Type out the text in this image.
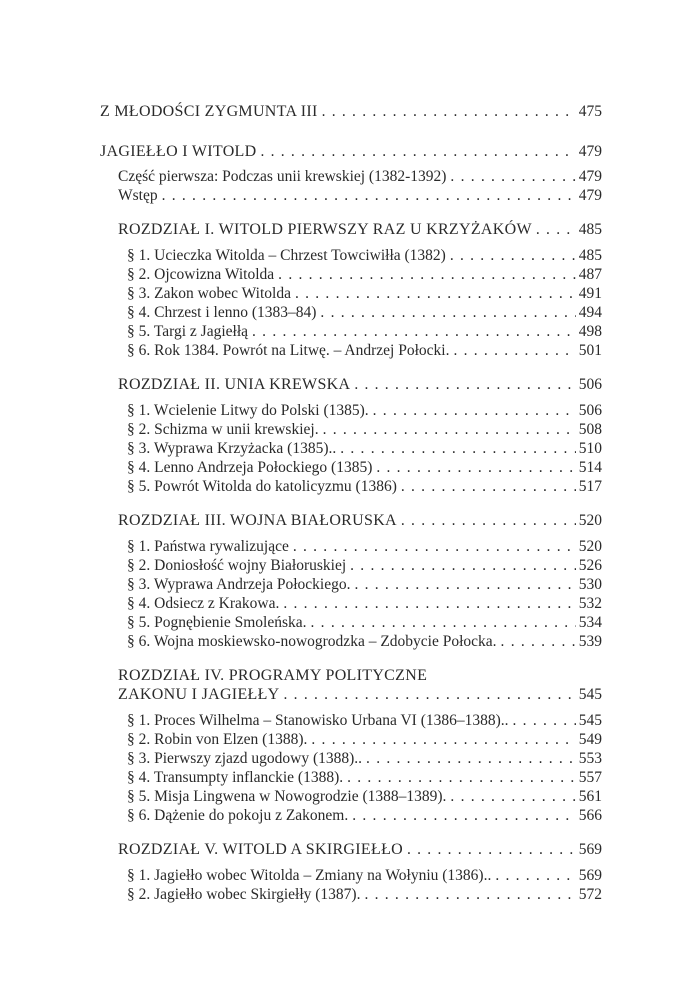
Z MŁODOŚCI ZYGMUNTA III . . .	475
JAGIEŁŁO I WITOLD . . .	479
Część pierwsza: Podczas unii krewskiej (1382-1392) . . .	479
Wstęp . . .	479
ROZDZIAŁ I. WITOLD PIERWSZY RAZ U KRZYŻAKÓW . . .	485
§ 1. Ucieczka Witolda – Chrzest Towciwiłła (1382) . . .	485
§ 2. Ojcowizna Witolda . . .	487
§ 3. Zakon wobec Witolda . . .	491
§ 4. Chrzest i lenno (1383–84) . . .	494
§ 5. Targi z Jagiełłą . . .	498
§ 6. Rok 1384. Powrót na Litwę. – Andrzej Połocki. . . .	501
ROZDZIAŁ II. UNIA KREWSKA . . .	506
§ 1. Wcielenie Litwy do Polski (1385). . . .	506
§ 2. Schizma w unii krewskiej. . . .	508
§ 3. Wyprawa Krzyżacka (1385).. . . .	510
§ 4. Lenno Andrzeja Połockiego (1385) . . .	514
§ 5. Powrót Witolda do katolicyzmu (1386) . . .	517
ROZDZIAŁ III. WOJNA BIAŁORUSKA . . .	520
§ 1. Państwa rywalizujące . . .	520
§ 2. Doniosłość wojny Białoruskiej . . .	526
§ 3. Wyprawa Andrzeja Połockiego. . . .	530
§ 4. Odsiecz z Krakowa. . . .	532
§ 5. Pognębienie Smoleńska. . . .	534
§ 6. Wojna moskiewsko-nowogrodzka – Zdobycie Połocka. . . .	539
ROZDZIAŁ IV. PROGRAMY POLITYCZNE
ZAKONU I JAGIEŁŁY . . .	545
§ 1. Proces Wilhelma – Stanowisko Urbana VI (1386–1388).. . . .	545
§ 2. Robin von Elzen (1388). . . .	549
§ 3. Pierwszy zjazd ugodowy (1388).. . . .	553
§ 4. Transumpty inflanckie (1388). . . .	557
§ 5. Misja Lingwena w Nowogrodzie (1388–1389). . . .	561
§ 6. Dążenie do pokoju z Zakonem. . . .	566
ROZDZIAŁ V. WITOLD A SKIRGIEŁŁO . . .	569
§ 1. Jagiełło wobec Witolda – Zmiany na Wołyniu (1386).. . . .	569
§ 2. Jagiełło wobec Skirgiełły (1387). . . .	572
